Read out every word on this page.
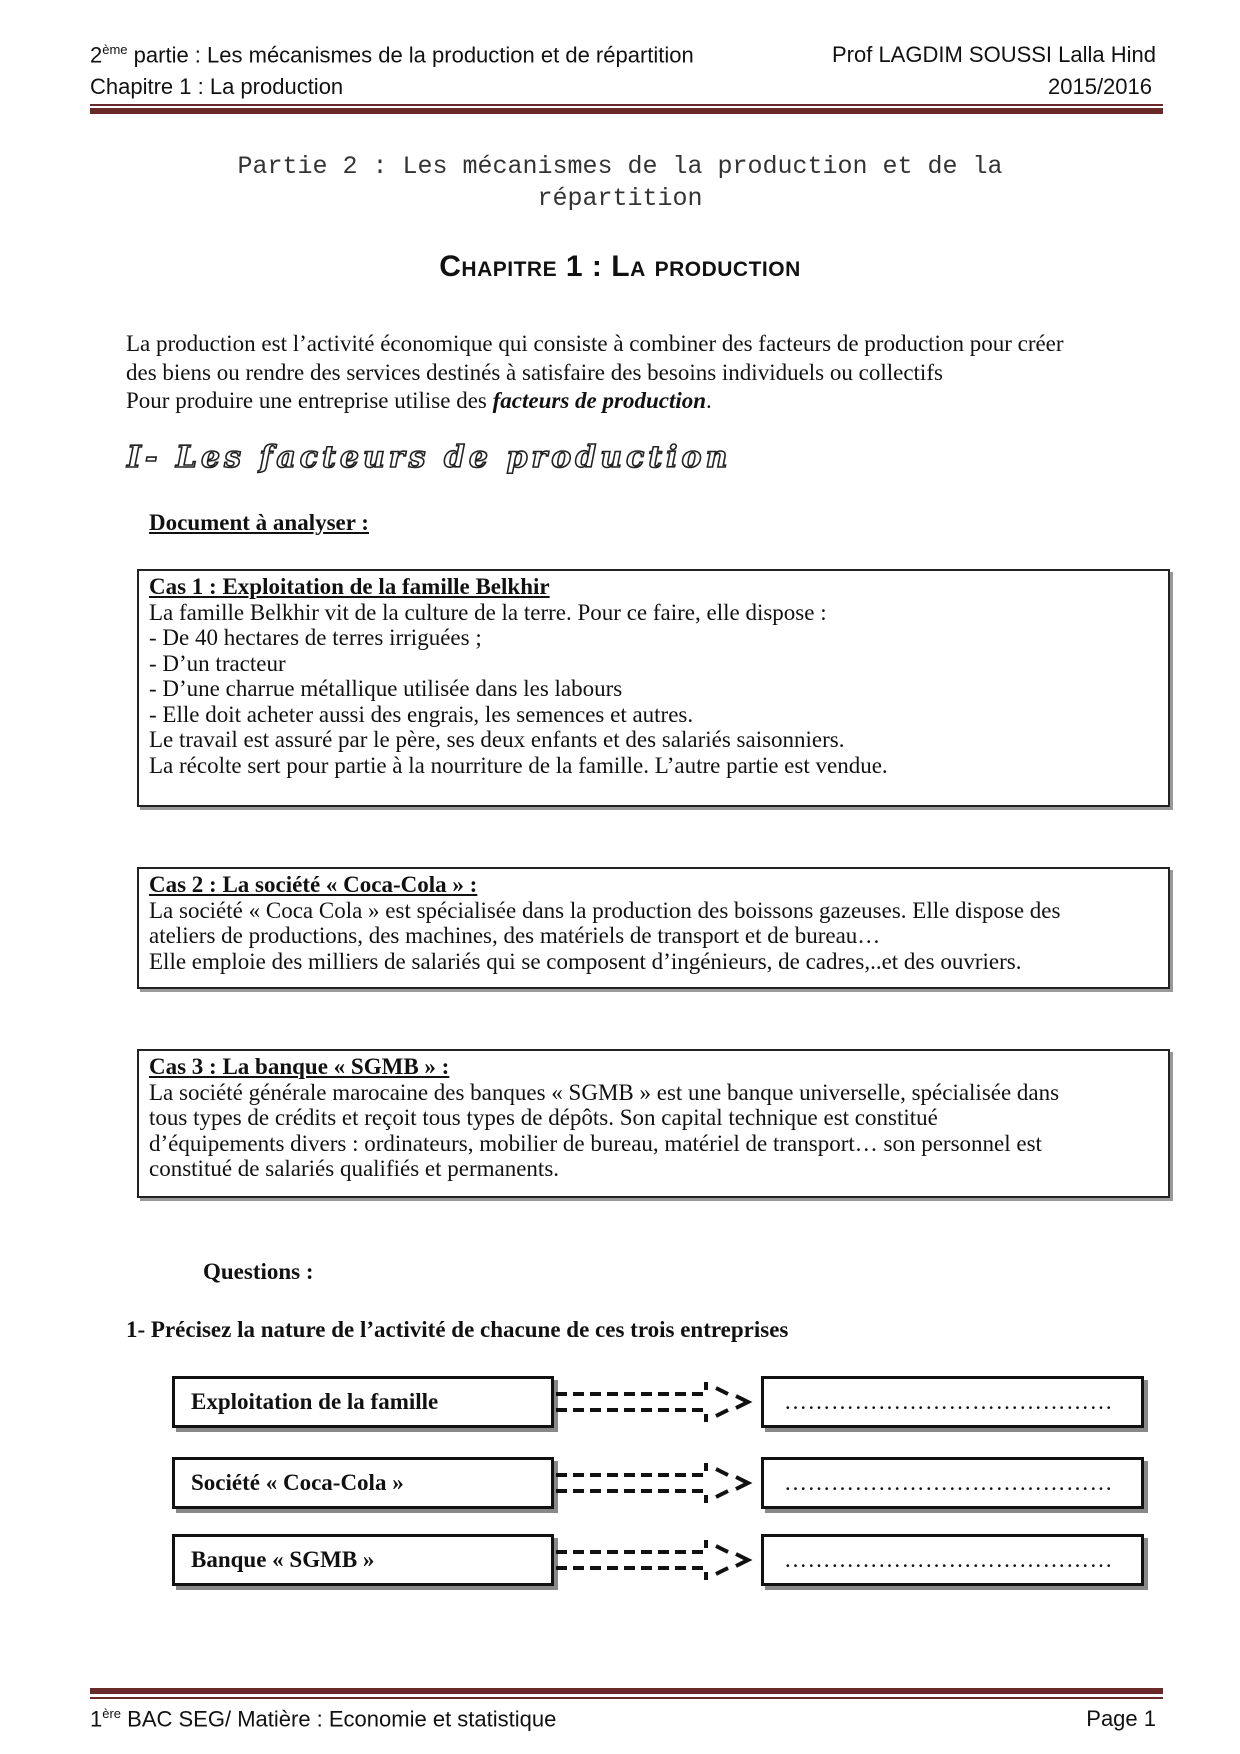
2ème partie : Les mécanismes de la production et de répartition	Prof LAGDIM SOUSSI Lalla Hind
Chapitre 1 : La production	2015/2016
Partie 2 : Les mécanismes de la production et de la
répartition
Chapitre 1 : La production
La production est l’activité économique qui consiste à combiner des facteurs de production pour créer
des biens ou rendre des services destinés à satisfaire des besoins individuels ou collectifs
Pour produire une entreprise utilise des facteurs de production.
I- Les facteurs de production
Document à analyser :
Cas 1 : Exploitation de la famille Belkhir
La famille Belkhir vit de la culture de la terre. Pour ce faire, elle dispose :
- De 40 hectares de terres irriguées ;
- D’un tracteur
- D’une charrue métallique utilisée dans les labours
- Elle doit acheter aussi des engrais, les semences et autres.
Le travail est assuré par le père, ses deux enfants et des salariés saisonniers.
La récolte sert pour partie à la nourriture de la famille. L’autre partie est vendue.
Cas 2 : La société « Coca-Cola » :
La société « Coca Cola » est spécialisée dans la production des boissons gazeuses. Elle dispose des
ateliers de productions, des machines, des matériels de transport et de bureau…
Elle emploie des milliers de salariés qui se composent d’ingénieurs, de cadres,..et des ouvriers.
Cas 3 : La banque « SGMB » :
La société générale marocaine des banques « SGMB » est une banque universelle, spécialisée dans
tous types de crédits et reçoit tous types de dépôts. Son capital technique est constitué
d’équipements divers : ordinateurs, mobilier de bureau, matériel de transport… son personnel est
constitué de salariés qualifiés et permanents.
Questions :
1- Précisez la nature de l’activité de chacune de ces trois entreprises
Exploitation de la famille	……………………………………
Société « Coca-Cola »	……………………………………
Banque « SGMB »	……………………………………
1ère BAC SEG/ Matière : Economie et statistique	Page 1
